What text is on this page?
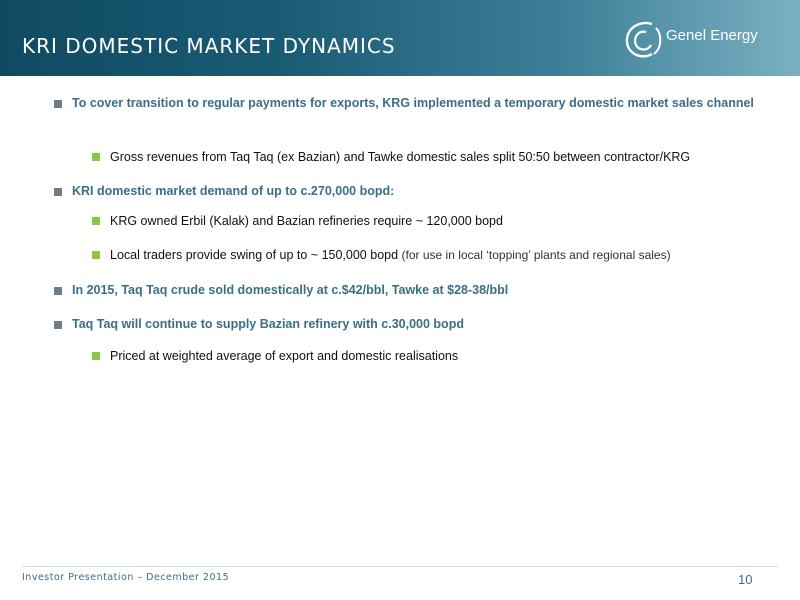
KRI DOMESTIC MARKET DYNAMICS	Genel Energy
To cover transition to regular payments for exports, KRG implemented a temporary domestic market sales channel
Gross revenues from Taq Taq (ex Bazian) and Tawke domestic sales split 50:50 between contractor/KRG
KRI domestic market demand of up to c.270,000 bopd:
KRG owned Erbil (Kalak) and Bazian refineries require ~ 120,000 bopd
Local traders provide swing of up to ~ 150,000 bopd (for use in local ‘topping’ plants and regional sales)
In 2015, Taq Taq crude sold domestically at c.$42/bbl, Tawke at $28-38/bbl
Taq Taq will continue to supply Bazian refinery with c.30,000 bopd
Priced at weighted average of export and domestic realisations
Investor Presentation – December 2015	10
